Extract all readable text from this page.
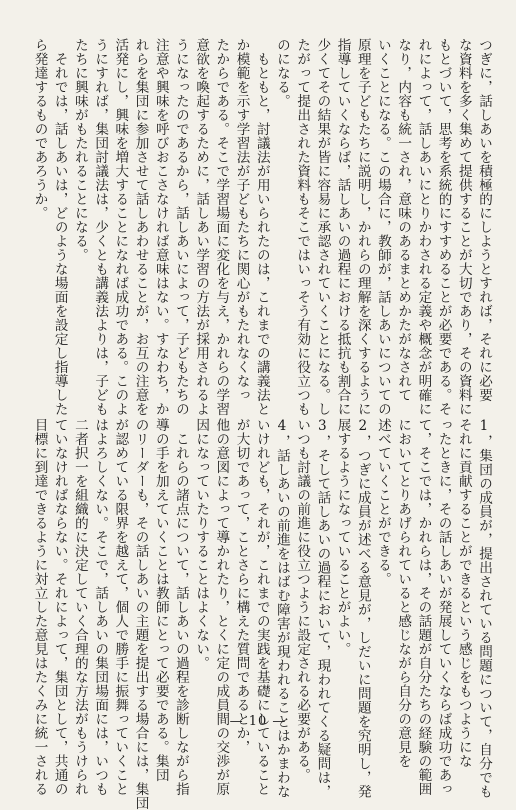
つぎに，話しあいを積極的にしようとすれば，それに必要
な資料を多く集めて提供することが大切であり，その資料に
もとづいて，思考を系統的にすすめることが必要である。そ
れによって，話しあいにとりかわされる定義や概念が明確に
なり，内容も統一され，意味のあるまとめかたがなされて
いくことになる。この場合に，教師が，話しあいについての
原理を子どもたちに説明し，かれらの理解を深くするように
指導していくならば，話しあいの過程における抵抗も割合に
少くてその結果が皆に容易に承認されていくことになる。し
たがって提出された資料もそこではいっそう有効に役立つも
のになる。
　もともと，討議法が用いられたのは，これまでの講義法と
か模範を示す学習法が子どもたちに関心がもたれなくなっ
たからである。そこで学習場面に変化を与え，かれらの学習
意欲を喚起するために，話しあい学習の方法が採用されるよ
うになったのであるから，話しあいによって，子どもたちの
注意や興味を呼びおこさなければ意味はない。すなわち，か
れらを集団に参加させて話しあわせることが，お互の注意を
活発にし，興味を増大することになれば成功である。このよ
うにすれば，集団討議法は，少くとも講義法よりは，子ども
たちに興味がもたれることになる。
　それでは，話しあいは，どのような場面を設定し指導した
ら発達するものであろうか。
1，集団の成員が，提出されている問題について，自分でも
それに貢献することができるという感じをもつようにな
ったときに，その話しあいが発展していくならば成功であっ
て，そこでは，かれらは，その話題が自分たちの経験の範囲
においてとりあげられていると感じながら自分の意見を
述べていくことができる。
2，つぎに成員が述べる意見が，しだいに問題を究明し，発
展するようになっていることがよい。
3，そして話しあいの過程において，現われてくる疑問は，
いつも討議の前進に役立つように設定される必要がある。
4，話しあいの前進をはばむ障害が現われることはかまわな
いけれども，それが，これまでの実践を基礎にしていること
が大切であって，ことさらに構えた質問であるとか，
他の意図によって導かれたり，とくに定の成員間の交渉が原
因になっていたりすることはよくない。
　これらの諸点について，話しあいの過程を診断しながら指
導の手を加えていくことは教師にとって必要である。集団
のリーダーも，その話しあいの主題を提出する場合には，集団
が認めている限界を越えて，個人で勝手に振舞っていくこと
はよろしくない。そこで，話しあいの集団場面には，いつも
二者択一を組織的に決定していく合理的な方法がもうけられ
ていなければならない。それによって，集団として，共通の
目標に到達できるように対立した意見はたくみに統一される	— 10 —
